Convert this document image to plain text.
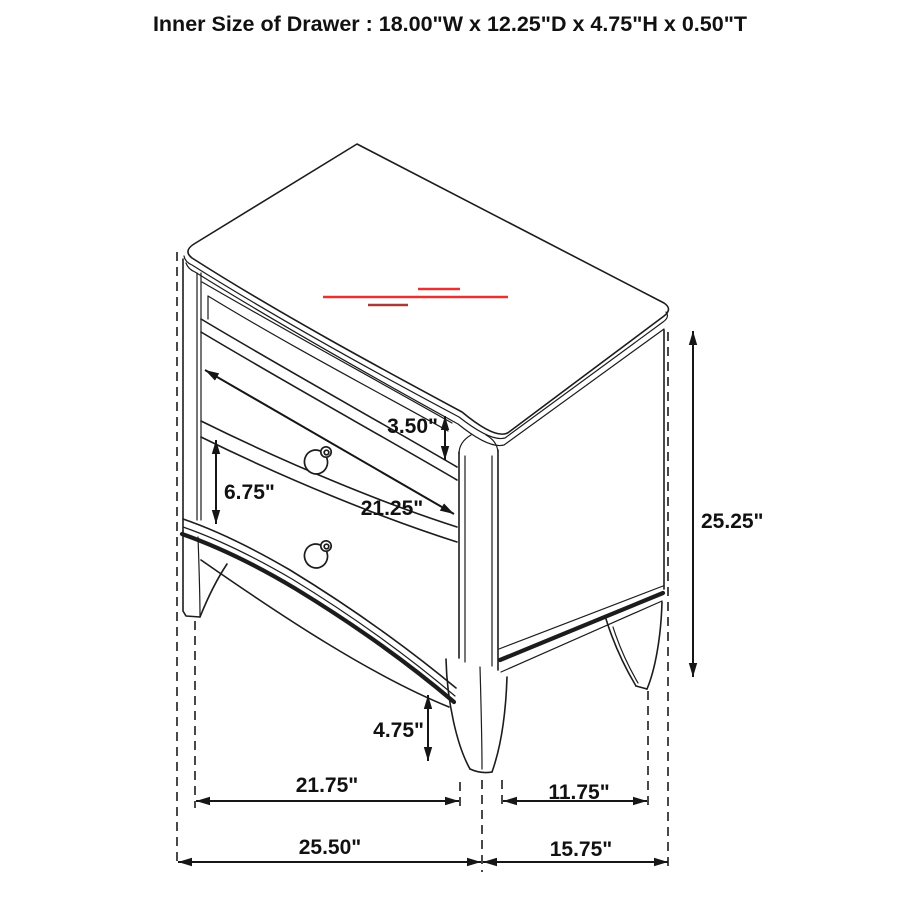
Inner Size of Drawer : 18.00"W x 12.25"D x 4.75"H x 0.50"T
3.50"
6.75"
21.25"
25.25"
4.75"
21.75"	11.75"
25.50"	15.75"
